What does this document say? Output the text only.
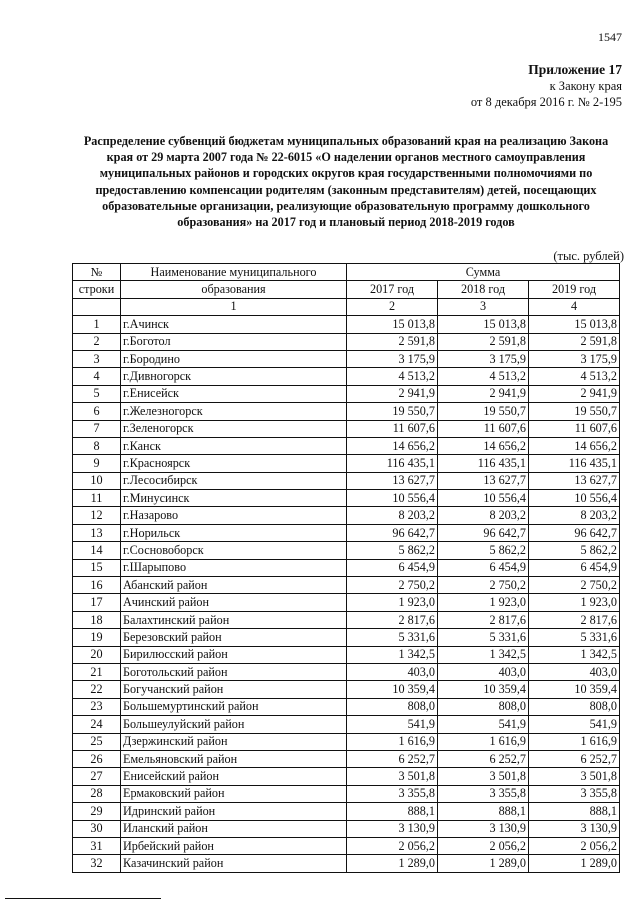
1547
Приложение 17
к Закону края
от 8 декабря 2016 г. № 2-195
Распределение субвенций бюджетам муниципальных образований края на реализацию Закона края от 29 марта 2007 года № 22-6015 «О наделении органов местного самоуправления муниципальных районов и городских округов края государственными полномочиями по предоставлению компенсации родителям (законным представителям) детей, посещающих образовательные организации, реализующие образовательную программу дошкольного образования» на 2017 год и плановый период 2018-2019 годов
(тыс. рублей)
№	Наименование муниципального	Сумма		
строки	образования	2017 год	2018 год	2019 год
	1	2	3	4
1	г.Ачинск	15 013,8	15 013,8	15 013,8
2	г.Боготол	2 591,8	2 591,8	2 591,8
3	г.Бородино	3 175,9	3 175,9	3 175,9
4	г.Дивногорск	4 513,2	4 513,2	4 513,2
5	г.Енисейск	2 941,9	2 941,9	2 941,9
6	г.Железногорск	19 550,7	19 550,7	19 550,7
7	г.Зеленогорск	11 607,6	11 607,6	11 607,6
8	г.Канск	14 656,2	14 656,2	14 656,2
9	г.Красноярск	116 435,1	116 435,1	116 435,1
10	г.Лесосибирск	13 627,7	13 627,7	13 627,7
11	г.Минусинск	10 556,4	10 556,4	10 556,4
12	г.Назарово	8 203,2	8 203,2	8 203,2
13	г.Норильск	96 642,7	96 642,7	96 642,7
14	г.Сосновоборск	5 862,2	5 862,2	5 862,2
15	г.Шарыпово	6 454,9	6 454,9	6 454,9
16	Абанский район	2 750,2	2 750,2	2 750,2
17	Ачинский район	1 923,0	1 923,0	1 923,0
18	Балахтинский район	2 817,6	2 817,6	2 817,6
19	Березовский район	5 331,6	5 331,6	5 331,6
20	Бирилюсский район	1 342,5	1 342,5	1 342,5
21	Боготольский район	403,0	403,0	403,0
22	Богучанский район	10 359,4	10 359,4	10 359,4
23	Большемуртинский район	808,0	808,0	808,0
24	Большеулуйский район	541,9	541,9	541,9
25	Дзержинский район	1 616,9	1 616,9	1 616,9
26	Емельяновский район	6 252,7	6 252,7	6 252,7
27	Енисейский район	3 501,8	3 501,8	3 501,8
28	Ермаковский район	3 355,8	3 355,8	3 355,8
29	Идринский район	888,1	888,1	888,1
30	Иланский район	3 130,9	3 130,9	3 130,9
31	Ирбейский район	2 056,2	2 056,2	2 056,2
32	Казачинский район	1 289,0	1 289,0	1 289,0
